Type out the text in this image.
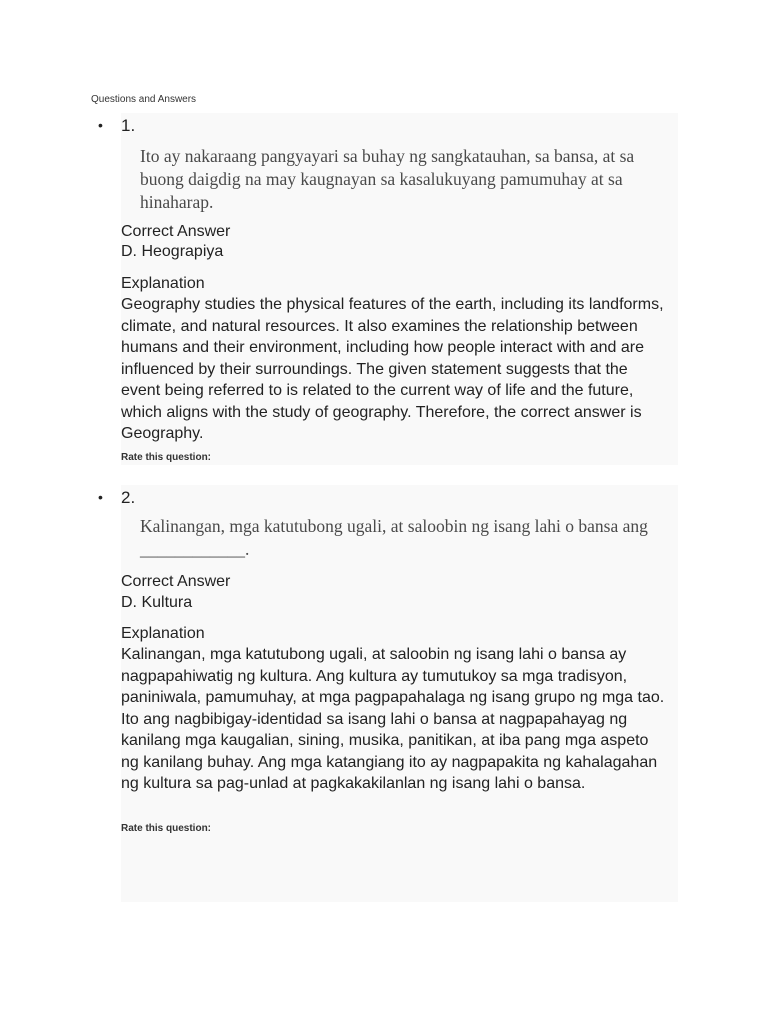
Questions and Answers
• 1.

Ito ay nakaraang pangyayari sa buhay ng sangkatauhan, sa bansa, at sa buong daigdig na may kaugnayan sa kasalukuyang pamumuhay at sa hinaharap.

Correct Answer
D. Heograpiya
Explanation

Geography studies the physical features of the earth, including its landforms, climate, and natural resources. It also examines the relationship between humans and their environment, including how people interact with and are influenced by their surroundings. The given statement suggests that the event being referred to is related to the current way of life and the future, which aligns with the study of geography. Therefore, the correct answer is Geography.

Rate this question:
• 2.

Kalinangan, mga katutubong ugali, at saloobin ng isang lahi o bansa ang ____________.

Correct Answer
D. Kultura
Explanation

Kalinangan, mga katutubong ugali, at saloobin ng isang lahi o bansa ay nagpapahiwatig ng kultura. Ang kultura ay tumutukoy sa mga tradisyon, paniniwala, pamumuhay, at mga pagpapahalaga ng isang grupo ng mga tao. Ito ang nagbibigay-identidad sa isang lahi o bansa at nagpapahayag ng kanilang mga kaugalian, sining, musika, panitikan, at iba pang mga aspeto ng kanilang buhay. Ang mga katangiang ito ay nagpapakita ng kahalagahan ng kultura sa pag-unlad at pagkakakilanlan ng isang lahi o bansa.

Rate this question:
